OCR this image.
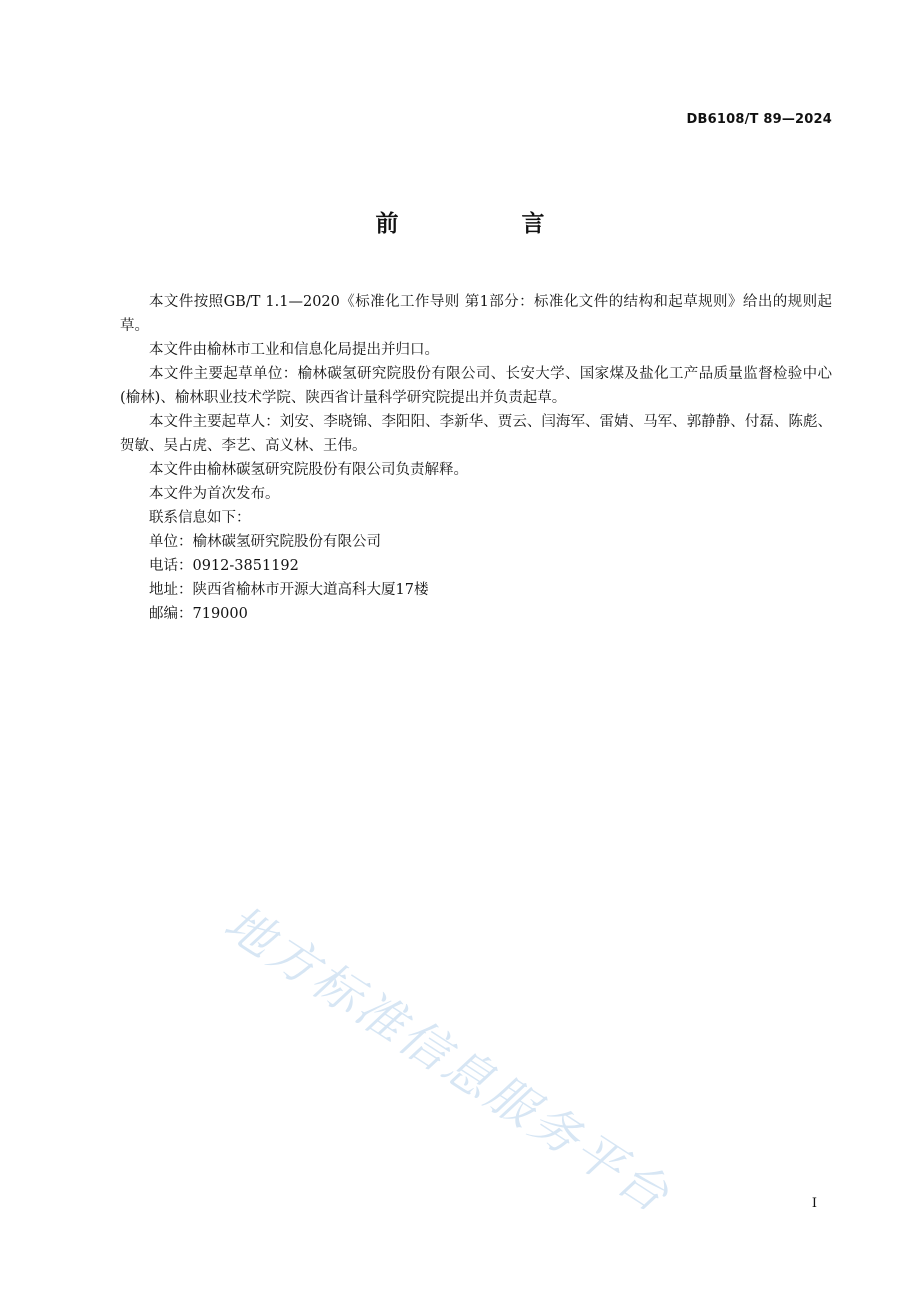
DB6108/T 89—2024
前　言

本文件按照GB/T 1.1—2020《标准化工作导则 第1部分：标准化文件的结构和起草规则》给出的规则起草。

本文件由榆林市工业和信息化局提出并归口。

本文件主要起草单位：榆林碳氢研究院股份有限公司、长安大学、国家煤及盐化工产品质量监督检验中心(榆林)、榆林职业技术学院、陕西省计量科学研究院提出并负责起草。

本文件主要起草人：刘安、李晓锦、李阳阳、李新华、贾云、闫海军、雷婧、马军、郭静静、付磊、陈彪、贺敏、吴占虎、李艺、高义林、王伟。

本文件由榆林碳氢研究院股份有限公司负责解释。

本文件为首次发布。

联系信息如下：

单位：榆林碳氢研究院股份有限公司

电话：0912-3851192

地址：陕西省榆林市开源大道高科大厦17楼

邮编：719000

地方标准信息服务平台	I
